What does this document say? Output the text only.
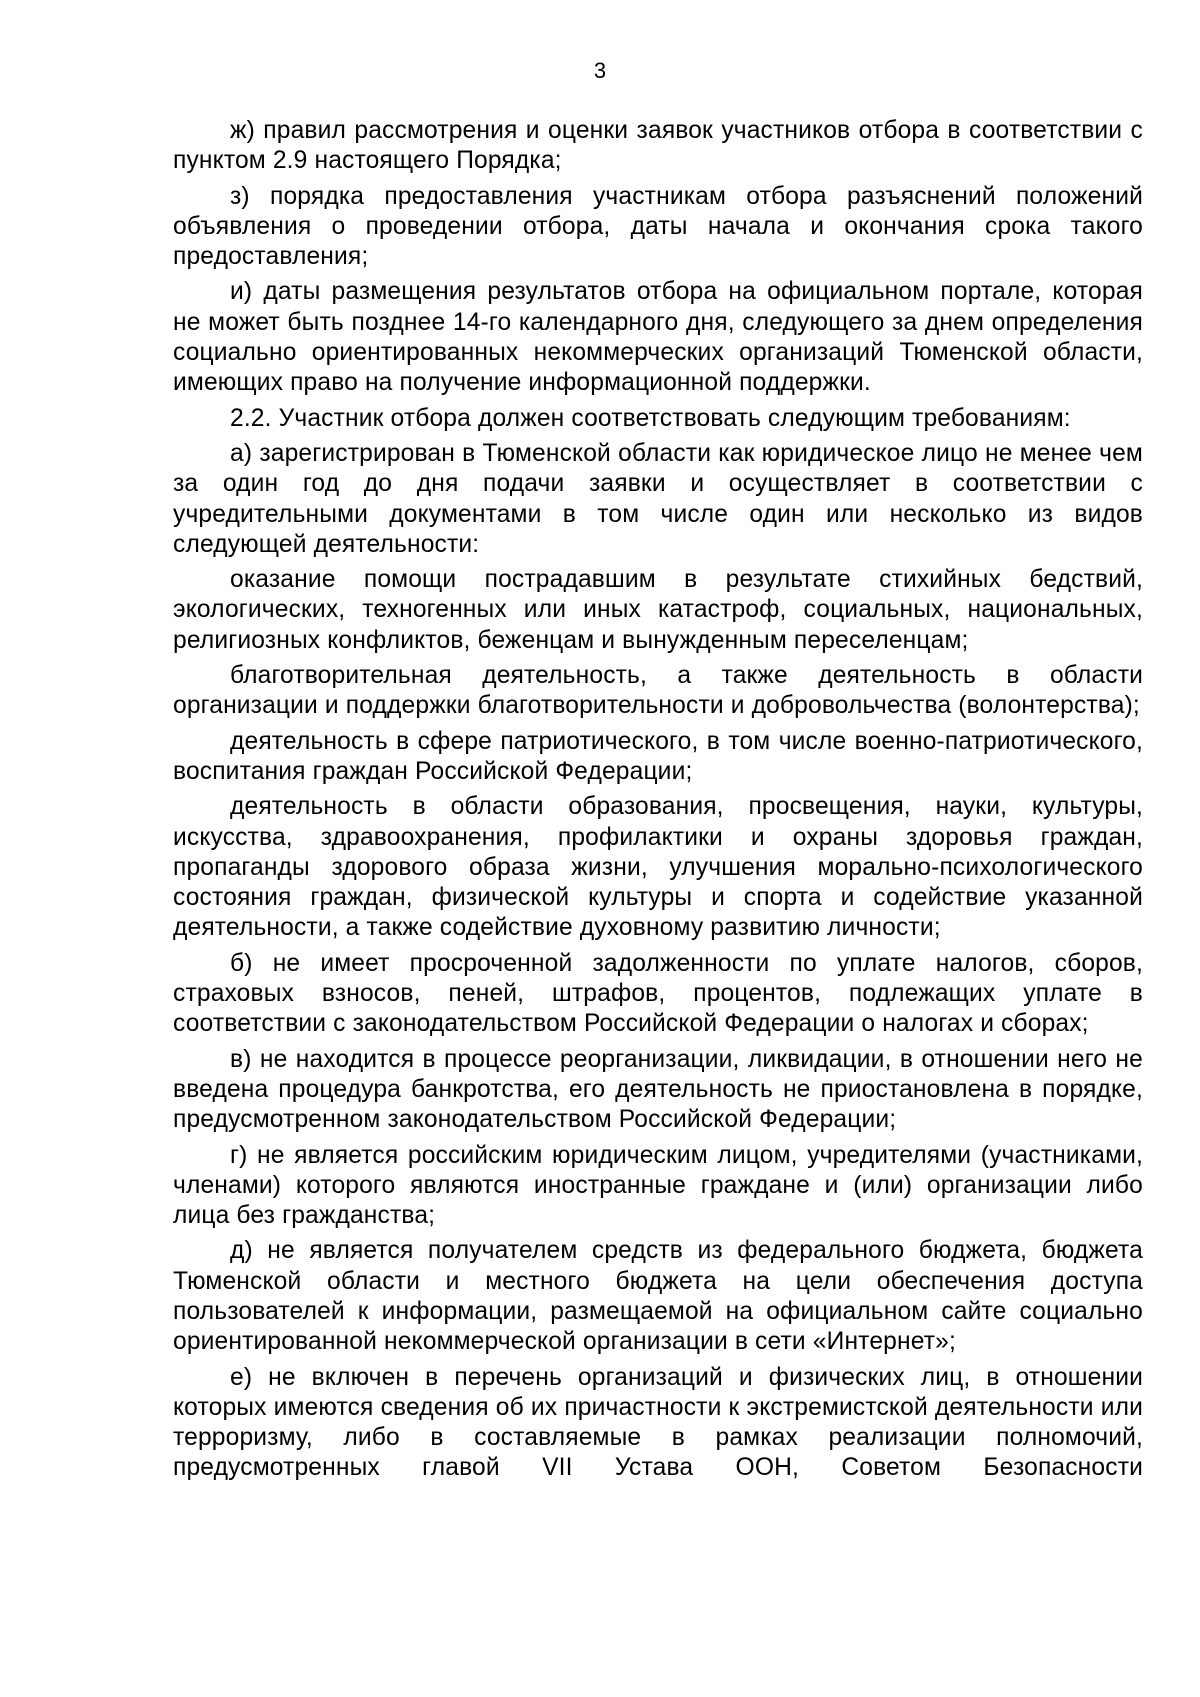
3

ж) правил рассмотрения и оценки заявок участников отбора в соответствии с пунктом 2.9 настоящего Порядка;

з) порядка предоставления участникам отбора разъяснений положений объявления о проведении отбора, даты начала и окончания срока такого предоставления;

и) даты размещения результатов отбора на официальном портале, которая не может быть позднее 14-го календарного дня, следующего за днем определения социально ориентированных некоммерческих организаций Тюменской области, имеющих право на получение информационной поддержки.

2.2. Участник отбора должен соответствовать следующим требованиям:

а) зарегистрирован в Тюменской области как юридическое лицо не менее чем за один год до дня подачи заявки и осуществляет в соответствии с учредительными документами в том числе один или несколько из видов следующей деятельности:

оказание помощи пострадавшим в результате стихийных бедствий, экологических, техногенных или иных катастроф, социальных, национальных, религиозных конфликтов, беженцам и вынужденным переселенцам;

благотворительная деятельность, а также деятельность в области организации и поддержки благотворительности и добровольчества (волонтерства);

деятельность в сфере патриотического, в том числе военно-патриотического, воспитания граждан Российской Федерации;

деятельность в области образования, просвещения, науки, культуры, искусства, здравоохранения, профилактики и охраны здоровья граждан, пропаганды здорового образа жизни, улучшения морально-психологического состояния граждан, физической культуры и спорта и содействие указанной деятельности, а также содействие духовному развитию личности;

б) не имеет просроченной задолженности по уплате налогов, сборов, страховых взносов, пеней, штрафов, процентов, подлежащих уплате в соответствии с законодательством Российской Федерации о налогах и сборах;

в) не находится в процессе реорганизации, ликвидации, в отношении него не введена процедура банкротства, его деятельность не приостановлена в порядке, предусмотренном законодательством Российской Федерации;

г) не является российским юридическим лицом, учредителями (участниками, членами) которого являются иностранные граждане и (или) организации либо лица без гражданства;

д) не является получателем средств из федерального бюджета, бюджета Тюменской области и местного бюджета на цели обеспечения доступа пользователей к информации, размещаемой на официальном сайте социально ориентированной некоммерческой организации в сети «Интернет»;

е) не включен в перечень организаций и физических лиц, в отношении которых имеются сведения об их причастности к экстремистской деятельности или терроризму, либо в составляемые в рамках реализации полномочий, предусмотренных главой VII Устава ООН, Советом Безопасности
